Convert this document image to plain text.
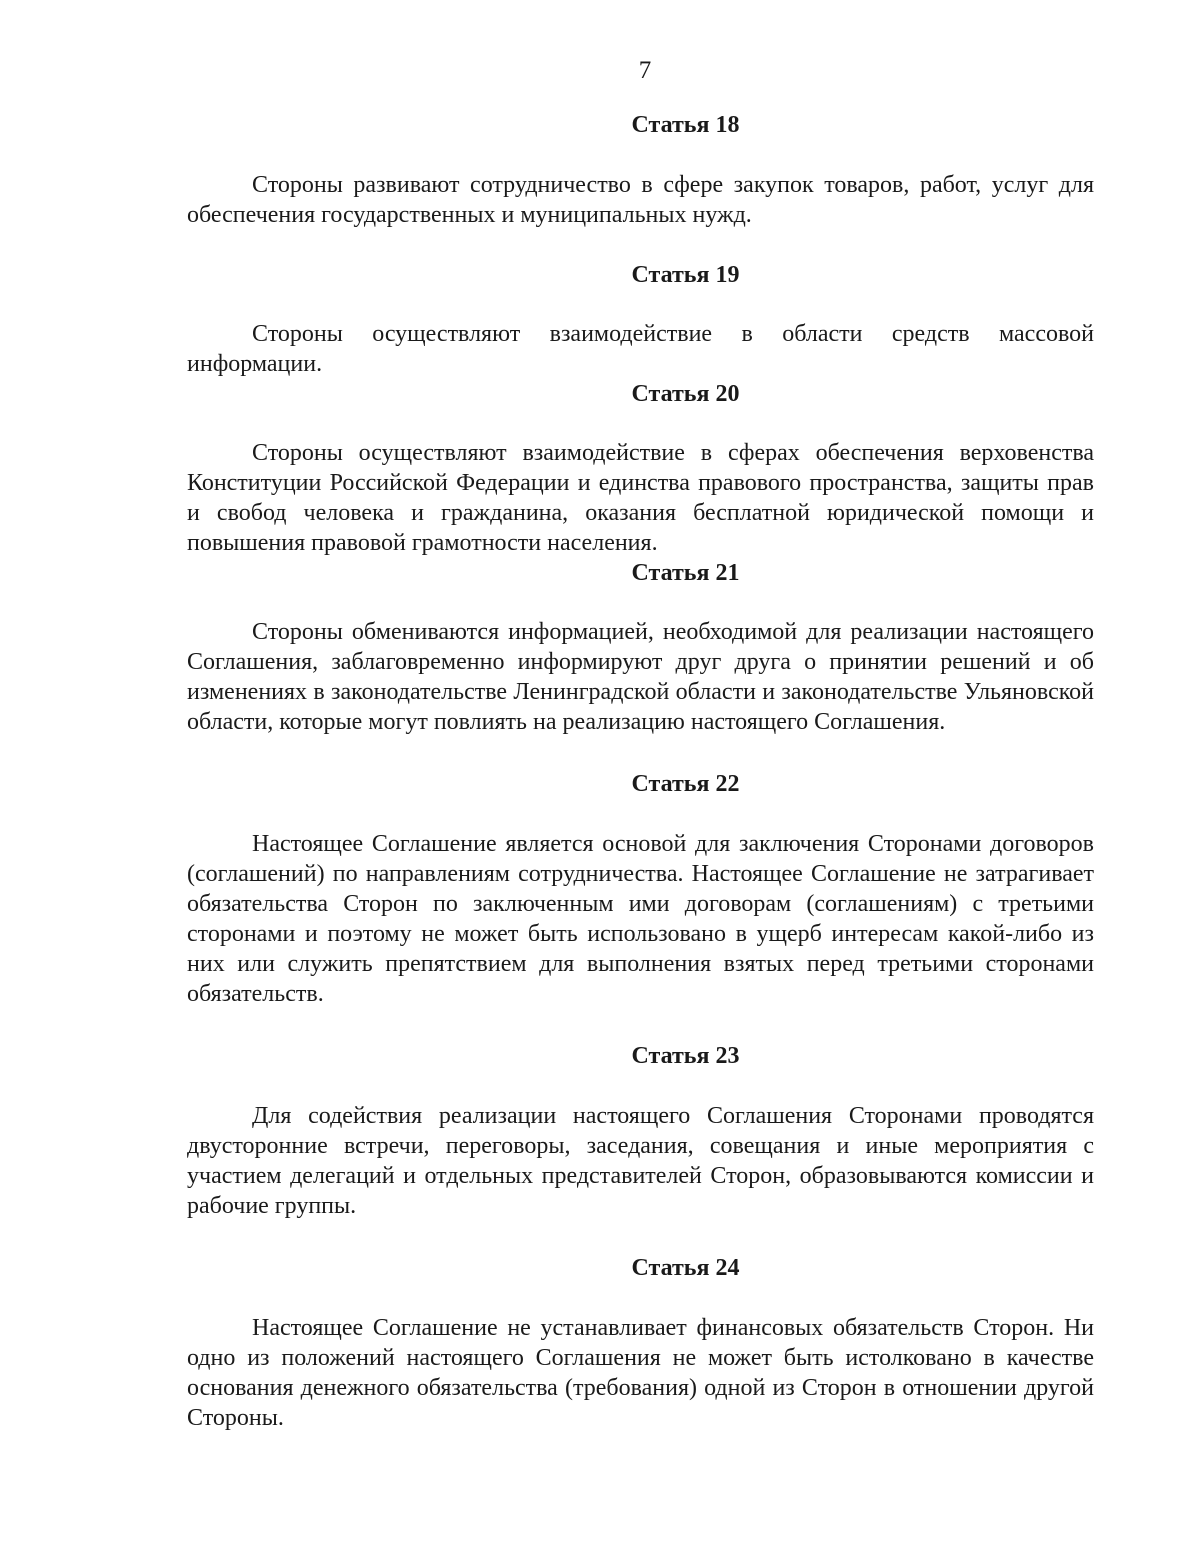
7
Статья 18

Стороны развивают сотрудничество в сфере закупок товаров, работ, услуг для обеспечения государственных и муниципальных нужд.

Статья 19

Стороны осуществляют взаимодействие в области средств массовой информации.

Статья 20

Стороны осуществляют взаимодействие в сферах обеспечения верховенства Конституции Российской Федерации и единства правового пространства, защиты прав и свобод человека и гражданина, оказания бесплатной юридической помощи и повышения правовой грамотности населения.

Статья 21

Стороны обмениваются информацией, необходимой для реализации настоящего Соглашения, заблаговременно информируют друг друга о принятии решений и об изменениях в законодательстве Ленинградской области и законодательстве Ульяновской области, которые могут повлиять на реализацию настоящего Соглашения.

Статья 22

Настоящее Соглашение является основой для заключения Сторонами договоров (соглашений) по направлениям сотрудничества. Настоящее Соглашение не затрагивает обязательства Сторон по заключенным ими договорам (соглашениям) с третьими сторонами и поэтому не может быть использовано в ущерб интересам какой-либо из них или служить препятствием для выполнения взятых перед третьими сторонами обязательств.

Статья 23

Для содействия реализации настоящего Соглашения Сторонами проводятся двусторонние встречи, переговоры, заседания, совещания и иные мероприятия с участием делегаций и отдельных представителей Сторон, образовываются комиссии и рабочие группы.

Статья 24

Настоящее Соглашение не устанавливает финансовых обязательств Сторон. Ни одно из положений настоящего Соглашения не может быть истолковано в качестве основания денежного обязательства (требования) одной из Сторон в отношении другой Стороны.
